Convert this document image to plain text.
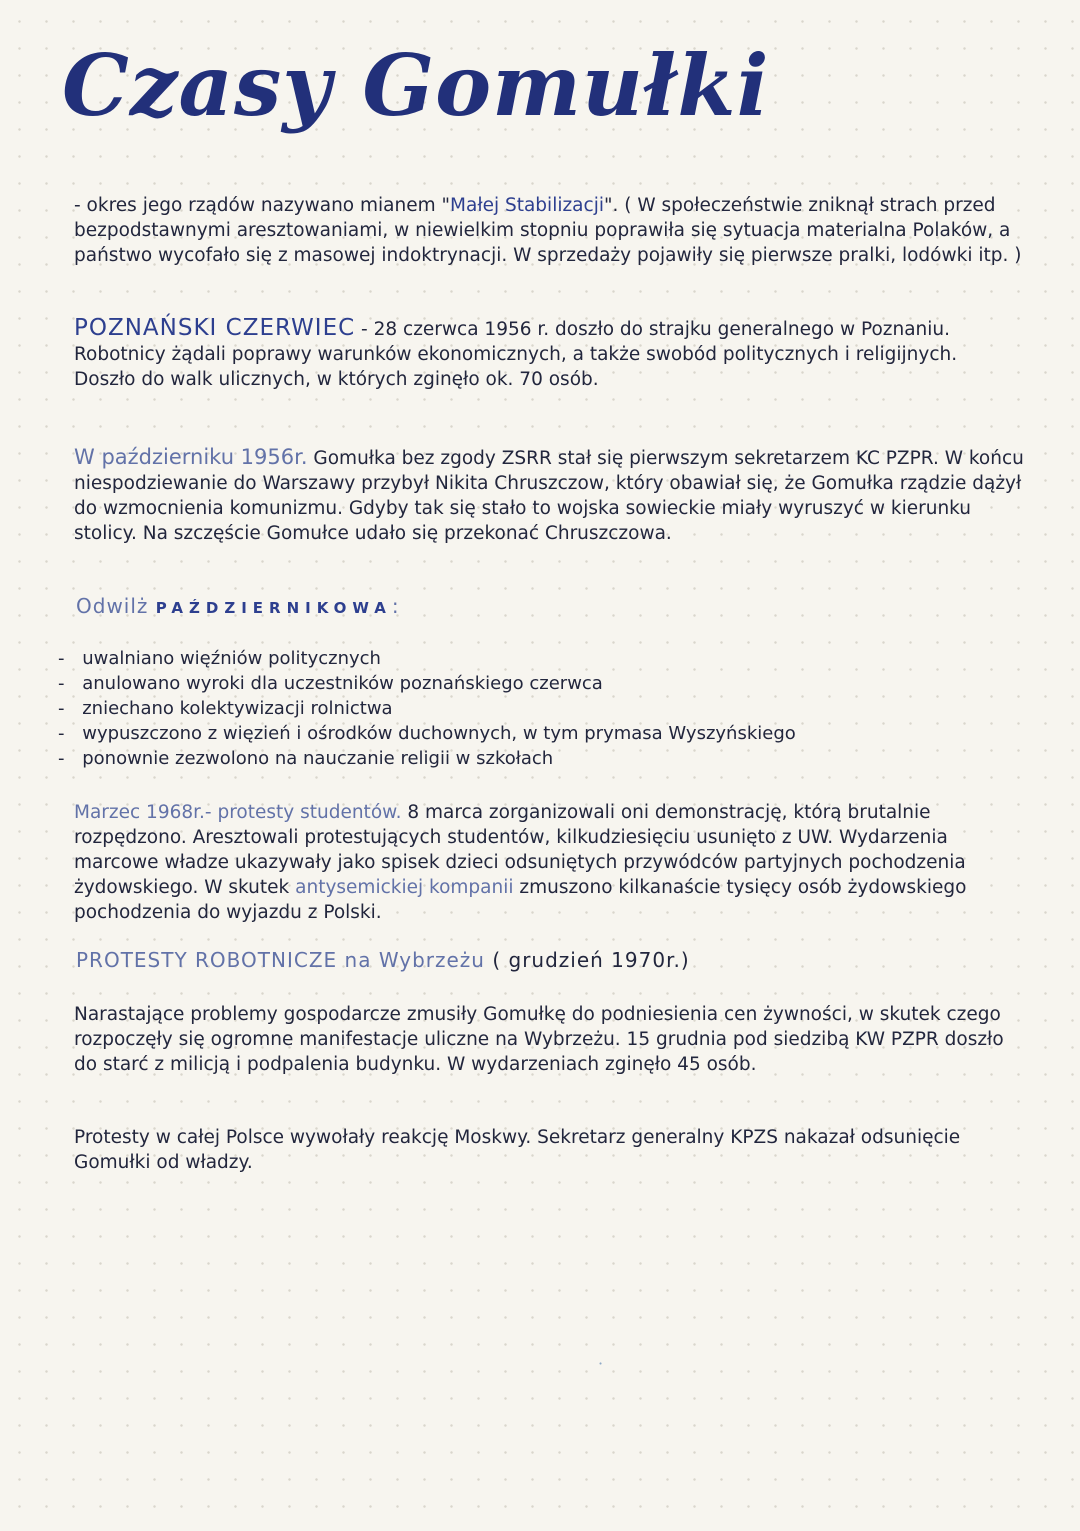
Czasy Gomułki

- okres jego rządów nazywano mianem "Małej Stabilizacji". ( W społeczeństwie zniknął strach przed bezpodstawnymi aresztowaniami, w niewielkim stopniu poprawiła się sytuacja materialna Polaków, a państwo wycofało się z masowej indoktrynacji. W sprzedaży pojawiły się pierwsze pralki, lodówki itp. )

POZNAŃSKI CZERWIEC - 28 czerwca 1956 r. doszło do strajku generalnego w Poznaniu. Robotnicy żądali poprawy warunków ekonomicznych, a także swobód politycznych i religijnych. Doszło do walk ulicznych, w których zginęło ok. 70 osób.

W październiku 1956r. Gomułka bez zgody ZSRR stał się pierwszym sekretarzem KC PZPR. W końcu niespodziewanie do Warszawy przybył Nikita Chruszczow, który obawiał się, że Gomułka rządzie dążył do wzmocnienia komunizmu. Gdyby tak się stało to wojska sowieckie miały wyruszyć w kierunku stolicy. Na szczęście Gomułce udało się przekonać Chruszczowa.

Odwilż PAŹDZIERNIKOWA:
- uwalniano więźniów politycznych
- anulowano wyroki dla uczestników poznańskiego czerwca
- zniechano kolektywizacji rolnictwa
- wypuszczono z więzień i ośrodków duchownych, w tym prymasa Wyszyńskiego
- ponownie zezwolono na nauczanie religii w szkołach

Marzec 1968r.- protesty studentów. 8 marca zorganizowali oni demonstrację, którą brutalnie rozpędzono. Aresztowali protestujących studentów, kilkudziesięciu usunięto z UW. Wydarzenia marcowe władze ukazywały jako spisek dzieci odsuniętych przywódców partyjnych pochodzenia żydowskiego. W skutek antysemickiej kompanii zmuszono kilkanaście tysięcy osób żydowskiego pochodzenia do wyjazdu z Polski.

PROTESTY ROBOTNICZE na Wybrzeżu ( grudzień 1970r.)

Narastające problemy gospodarcze zmusiły Gomułkę do podniesienia cen żywności, w skutek czego rozpoczęły się ogromne manifestacje uliczne na Wybrzeżu. 15 grudnia pod siedzibą KW PZPR doszło do starć z milicją i podpalenia budynku. W wydarzeniach zginęło 45 osób.

Protesty w całej Polsce wywołały reakcję Moskwy. Sekretarz generalny KPZS nakazał odsunięcie Gomułki od władzy.

·
